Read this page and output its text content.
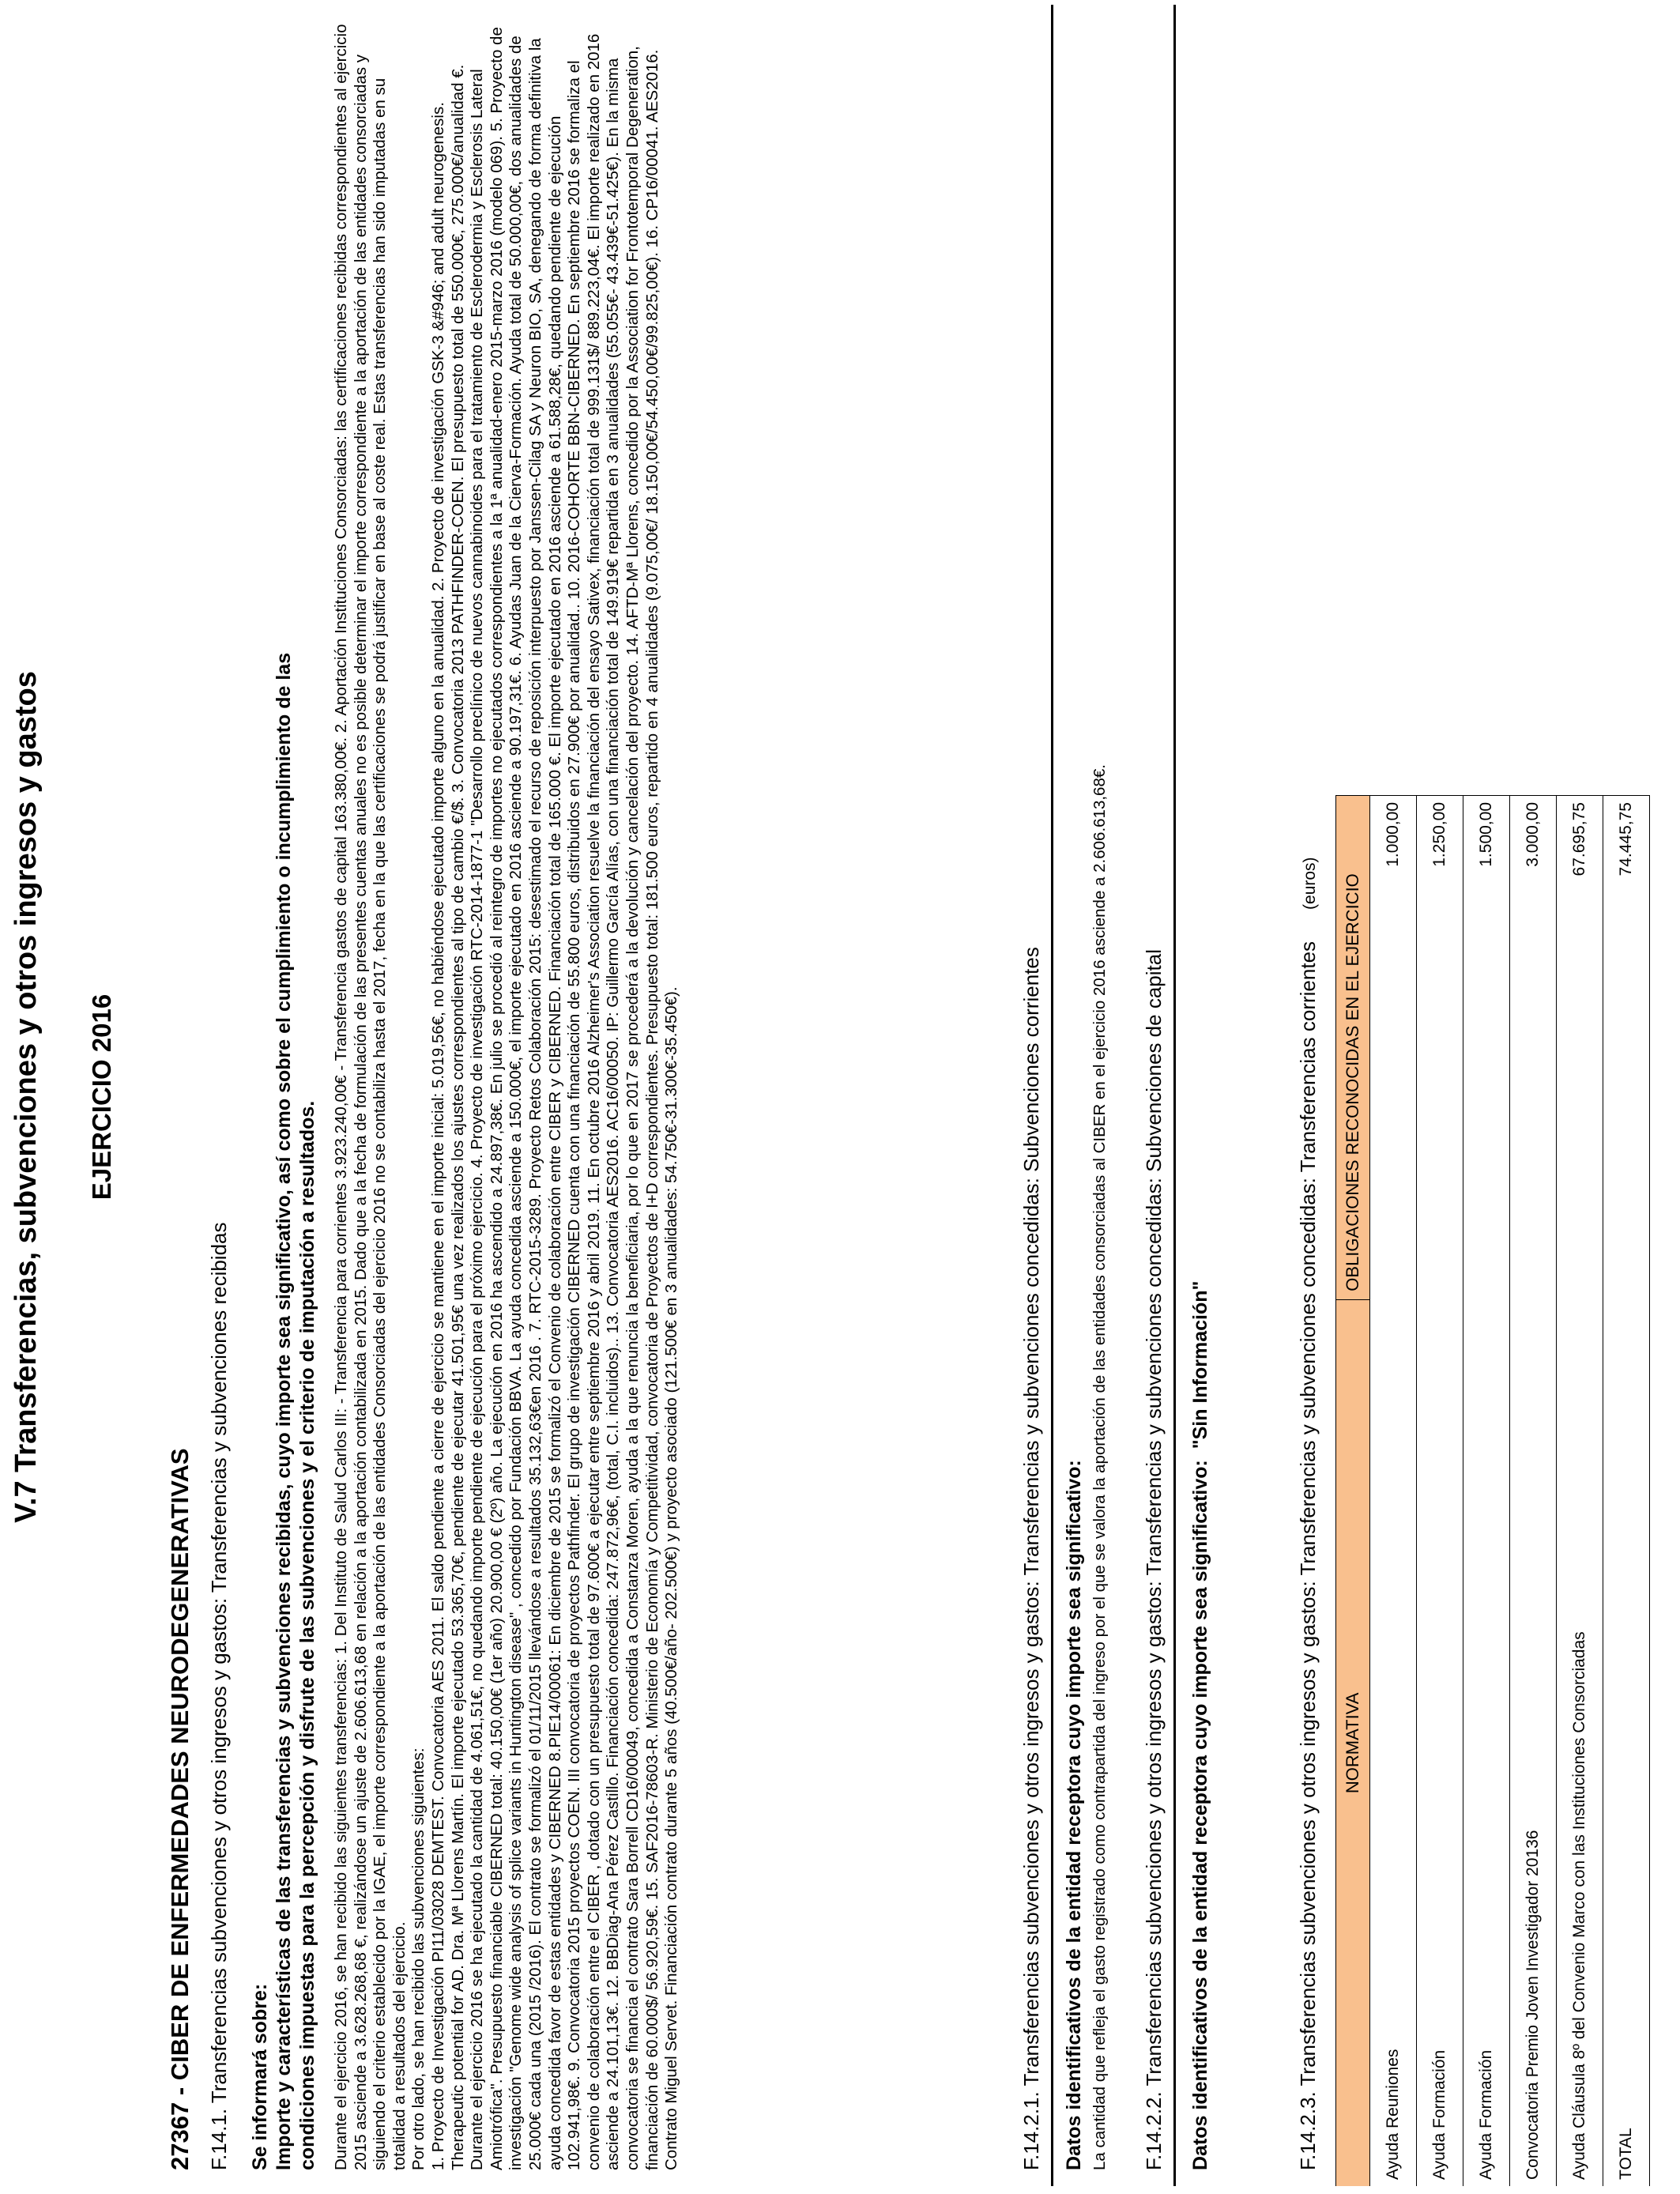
V.7 Transferencias, subvenciones y otros ingresos y gastos EJERCICIO 2016
27367 - CIBER DE ENFERMEDADES NEURODEGENERATIVAS F.14.1. Transferencias subvenciones y otros ingresos y gastos: Transferencias y subvenciones recibidas Se informará sobre: Importe y características de las transferencias y subvenciones recibidas, cuyo importe sea significativo, así como sobre el cumplimiento o incumplimiento de las condiciones impuestas para la percepción y disfrute de las subvenciones y el criterio de imputación a resultados. Durante el ejercicio 2016, se han recibido las siguientes transferencias: 1. Del Instituto de Salud Carlos III: - Transferencia para corrientes 3.923.240,00€ - Transferencia gastos de capital 163.380,00€. 2. Aportación Instituciones Consorciadas: las certificaciones recibidas correspondientes al ejercicio 2015 asciende a 3.628.268,68 €, realizándose un ajuste de 2.606.613,68 en relación a la aportación contabilizada en 2015. Dado que a la fecha de formulación de las presentes cuentas anuales no es posible determinar el importe correspondiente a la aportación de las entidades consorciadas y siguiendo el criterio establecido por la IGAE, el importe correspondiente a la aportación de las entidades Consorciadas del ejercicio 2016 no se contabiliza hasta el 2017, fecha en la que las certificaciones se podrá justificar en base al coste real. Estas transferencias han sido imputadas en su totalidad a resultados del ejercicio. Por otro lado, se han recibido las subvenciones siguientes: 1. Proyecto de Investigación PI11/03028 DEMTEST. Convocatoria AES 2011. El saldo pendiente a cierre de ejercicio se mantiene en el importe inicial: 5.019,56€, no habiéndose ejecutado importe alguno en la anualidad. 2. Proyecto de investigación GSK-3 &#946; and adult neurogenesis. Therapeutic potential for AD. Dra. Mª Llorens Martín. El importe ejecutado 53.365,70€, pendiente de ejecutar 41.501,95€ una vez realizados los ajustes correspondientes al tipo de cambio €/$. 3. Convocatoria 2013 PATHFINDER-COEN. El presupuesto total de 550.000€, 275.000€/anualidad €. Durante el ejercicio 2016 se ha ejecutado la cantidad de 4.061,51€, no quedando importe pendiente de ejecución para el próximo ejercicio. 4. Proyecto de investigación RTC-2014-1877-1 "Desarrollo preclínico de nuevos cannabinoides para el tratamiento de Esclerodermia y Esclerosis Lateral Amiotrófica". Presupuesto financiable CIBERNED total: 40.150,00€ (1er año) 20.900,00 € (2º) año. La ejecución en 2016 ha ascendido a 24.897,38€. En julio se procedió al reintegro de importes no ejecutados correspondientes a la 1ª anualidad-enero 2015-marzo 2016 (modelo 069). 5. Proyecto de investigación "Genome wide analysis of splice variants in Huntington disease" , concedido por Fundación BBVA. La ayuda concedida asciende a 150.000€, el importe ejecutado en 2016 asciende a 90.197,31€. 6. Ayudas Juan de la Cierva-Formación. Ayuda total de 50.000,00€, dos anualidades de 25.000€ cada una (2015 /2016). El contrato se formalizó el 01/11/2015 llevándose a resultados 35.132,63€en 2016 . 7. RTC-2015-3289. Proyecto Retos Colaboración 2015: desestimado el recurso de reposición interpuesto por Janssen-Cilag SA y Neuron BIO, SA, denegando de forma definitiva la ayuda concedida favor de estas entidades y CIBERNED 8.PIE14/00061: En diciembre de 2015 se formalizó el Convenio de colaboración entre CIBER y CIBERNED. Financiación total de 165.000 €. El importe ejecutado en 2016 asciende a 61.588,28€, quedando pendiente de ejecución 102.941,98€. 9. Convocatoria 2015 proyectos COEN. III convocatoria de proyectos Pathfinder. El grupo de investigación CIBERNED cuenta con una financiación de 55.800 euros, distribuidos en 27.900€ por anualidad.. 10. 2016-COHORTE BBN-CIBERNED. En septiembre 2016 se formaliza el convenio de colaboración entre el CIBER , dotado con un presupuesto total de 97.600€ a ejecutar entre septiembre 2016 y abril 2019. 11. En octubre 2016 Alzheimer's Association resuelve la financiación del ensayo Sativex, financiación total de 999.131$/ 889.223,04€. El importe realizado en 2016 asciende a 24.101,13€. 12. BBDiag-Ana Pérez Castillo. Financiación concedida: 247.872,96€, (total, C.I. incluidos).. 13. Convocatoria AES2016. AC16/00050. IP: Guillermo García Alías, con una financiación total de 149.919€ repartida en 3 anualidades (55.055€- 43.439€-51.425€). En la misma convocatoria se financia el contrato Sara Borrell CD16/00049, concedida a Constanza Moren, ayuda a la que renuncia la beneficiaria, por lo que en 2017 se procederá a la devolución y cancelación del proyecto. 14. AFTD-Mª Llorens, concedido por la Association for Frontotemporal Degeneration, financiación de 60.000$/ 56.920,59€. 15. SAF2016-78603-R. Ministerio de Economía y Competitividad, convocatoria de Proyectos de I+D correspondientes. Presupuesto total: 181.500 euros, repartido en 4 anualidades (9.075,00€/ 18.150,00€/54.450,00€/99.825,00€). 16. CP16/00041. AES2016. Contrato Miguel Servet. Financiación contrato durante 5 años (40.500€/año- 202.500€) y proyecto asociado (121.500€ en 3 anualidades: 54.750€-31.300€-35.450€).	F.14.2.1. Transferencias subvenciones y otros ingresos y gastos: Transferencias y subvenciones concedidas: Subvenciones corrientes Datos identificativos de la entidad receptora cuyo importe sea significativo: La cantidad que refleja el gasto registrado como contrapartida del ingreso por el que se valora la aportación de las entidades consorciadas al CIBER en el ejercicio 2016 asciende a 2.606.613,68€. F.14.2.2. Transferencias subvenciones y otros ingresos y gastos: Transferencias y subvenciones concedidas: Subvenciones de capital Datos identificativos de la entidad receptora cuyo importe sea significativo:  "Sin Información"	F.14.2.3. Transferencias subvenciones y otros ingresos y gastos: Transferencias y subvenciones concedidas: Transferencias corrientes(euros)

NORMATIVA	OBLIGACIONES RECONOCIDAS EN EL EJERCICIO
Ayuda Reuniones	1.000,00
Ayuda Formación	1.250,00
Ayuda Formación	1.500,00
Convocatoria Premio Joven Investigador 20136	3.000,00
Ayuda Cláusula 8º del Convenio Marco con las Instituciones Consorciadas	67.695,75
TOTAL	74.445,75
